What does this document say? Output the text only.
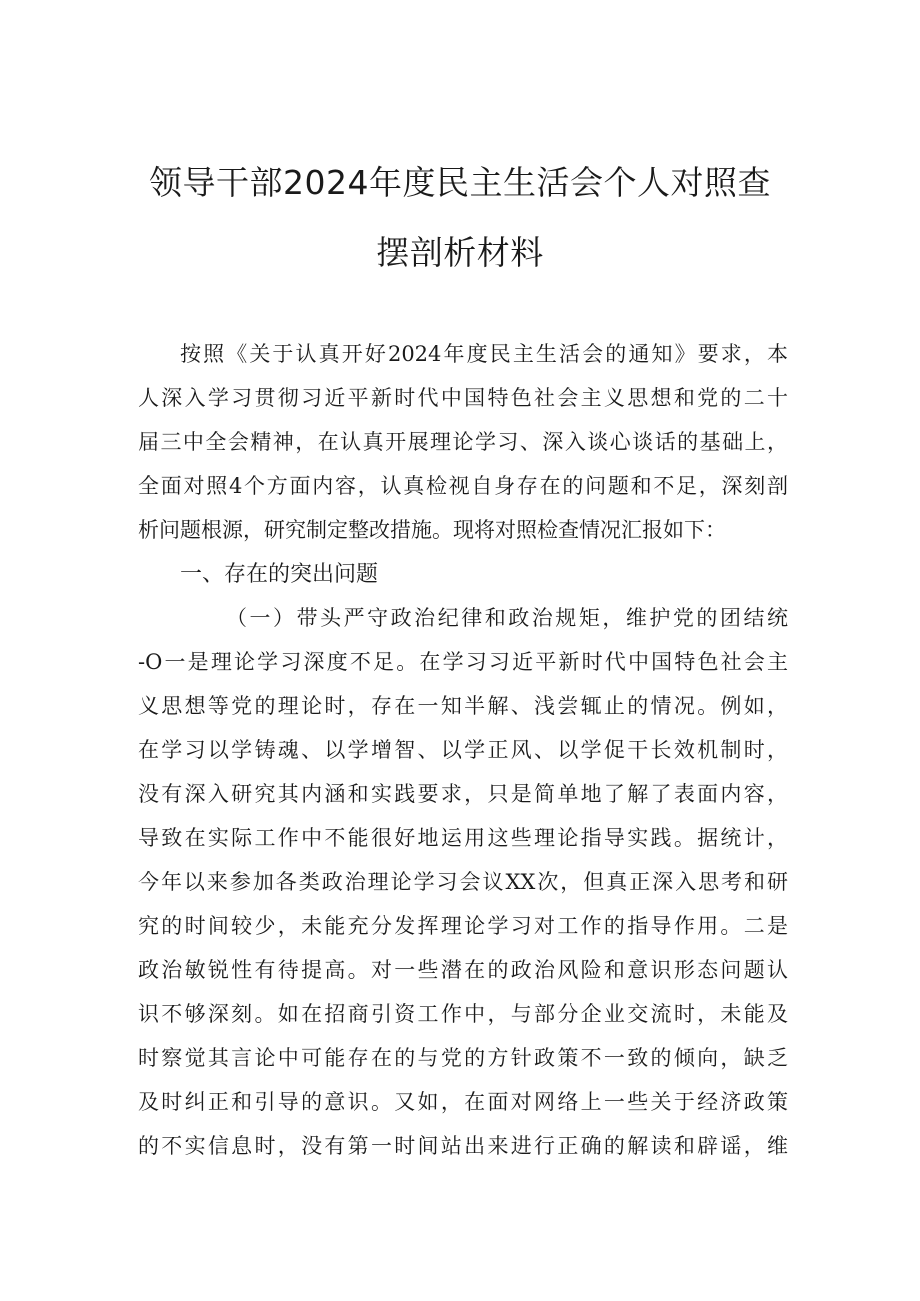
领导干部2024年度民主生活会个人对照查
摆剖析材料
按照《关于认真开好2024年度民主生活会的通知》要求，本
人深入学习贯彻习近平新时代中国特色社会主义思想和党的二十
届三中全会精神，在认真开展理论学习、深入谈心谈话的基础上，
全面对照4个方面内容，认真检视自身存在的问题和不足，深刻剖
析问题根源，研究制定整改措施。现将对照检查情况汇报如下：
一、存在的突出问题
（一）带头严守政治纪律和政治规矩，维护党的团结统
-O一是理论学习深度不足。在学习习近平新时代中国特色社会主
义思想等党的理论时，存在一知半解、浅尝辄止的情况。例如，
在学习以学铸魂、以学增智、以学正风、以学促干长效机制时，
没有深入研究其内涵和实践要求，只是简单地了解了表面内容，
导致在实际工作中不能很好地运用这些理论指导实践。据统计，
今年以来参加各类政治理论学习会议XX次，但真正深入思考和研
究的时间较少，未能充分发挥理论学习对工作的指导作用。二是
政治敏锐性有待提高。对一些潜在的政治风险和意识形态问题认
识不够深刻。如在招商引资工作中，与部分企业交流时，未能及
时察觉其言论中可能存在的与党的方针政策不一致的倾向，缺乏
及时纠正和引导的意识。又如，在面对网络上一些关于经济政策
的不实信息时，没有第一时间站出来进行正确的解读和辟谣，维
